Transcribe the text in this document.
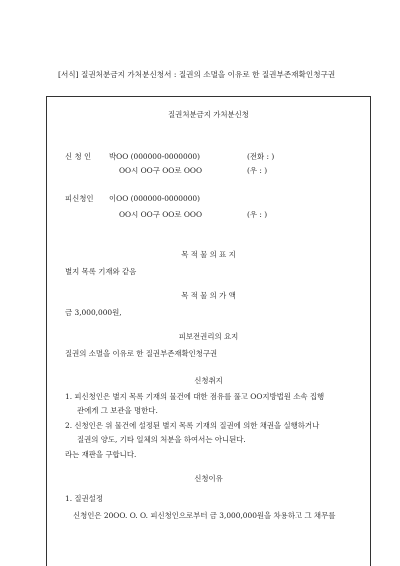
[서식] 질권처분금지 가처분신청서 : 질권의 소멸을 이유로 한 질권부존재확인청구권
질권처분금지 가처분신청
신 청 인 박OO (000000-0000000)	(전화 : )
OO시 OO구 OO로 OOO	(우 : )
피신청인 이OO (000000-0000000)
OO시 OO구 OO로 OOO	(우 : )
목 적 물 의 표 지
별지 목록 기재와 같음
목 적 물 의 가 액
금 3,000,000원,
피보전권리의 요지
질권의 소멸을 이유로 한 질권부존재확인청구권
신청취지
1. 피신청인은 별지 목록 기재의 물건에 대한 점유를 풀고 OO지방법원 소속 집행
관에게 그 보관을 명한다.
2. 신청인은 위 물건에 설정된 별지 목록 기재의 질권에 의한 채권을 실행하거나
질권의 양도, 기타 일체의 처분을 하여서는 아니된다.
라는 재판을 구합니다.
신청이유
1. 질권설정
신청인은 20OO. O. O. 피신청인으로부터 금 3,000,000원을 차용하고 그 채무를
